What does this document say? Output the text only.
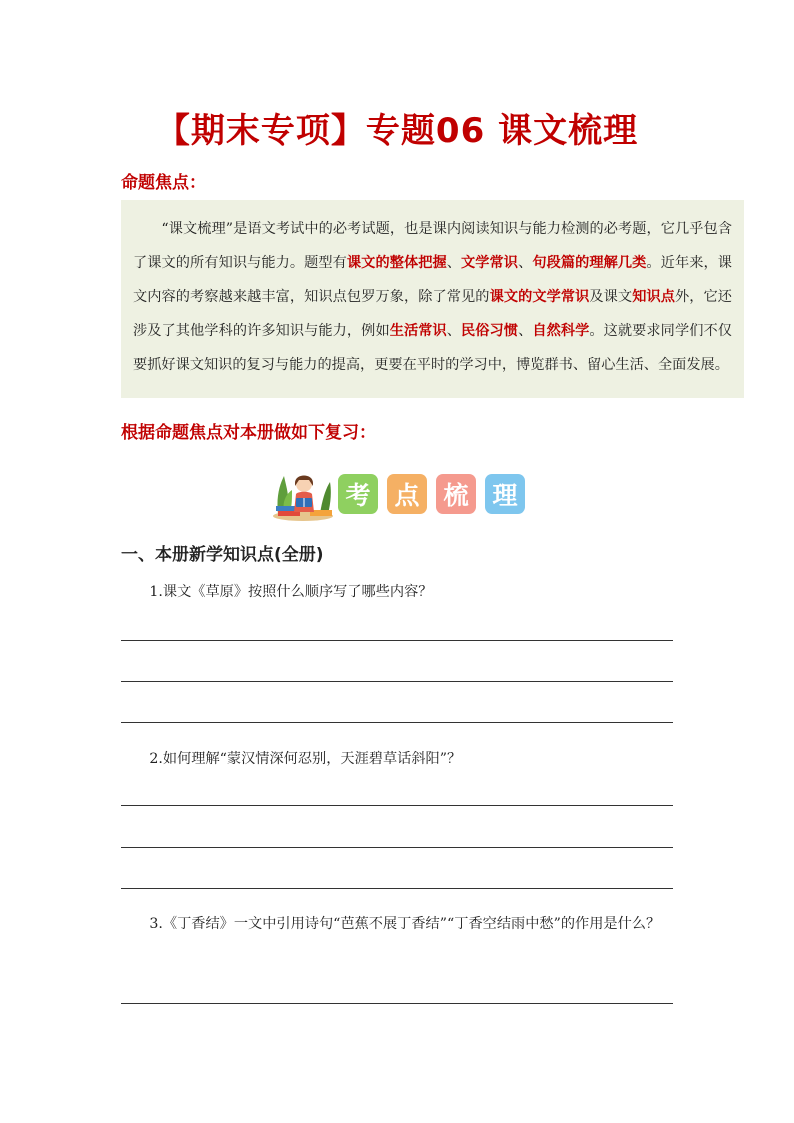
【期末专项】专题06 课文梳理
命题焦点：

“课文梳理”是语文考试中的必考试题，也是课内阅读知识与能力检测的必考题，它几乎包含了课文的所有知识与能力。题型有课文的整体把握、文学常识、句段篇的理解几类。近年来，课文内容的考察越来越丰富，知识点包罗万象，除了常见的课文的文学常识及课文知识点外，它还涉及了其他学科的许多知识与能力，例如生活常识、民俗习惯、自然科学。这就要求同学们不仅要抓好课文知识的复习与能力的提高，更要在平时的学习中，博览群书、留心生活、全面发展。

根据命题焦点对本册做如下复习：
考 点 梳 理
一、本册新学知识点(全册)

1.课文《草原》按照什么顺序写了哪些内容？

2.如何理解“蒙汉情深何忍别，天涯碧草话斜阳”？

3.《丁香结》一文中引用诗句“芭蕉不展丁香结”“丁香空结雨中愁”的作用是什么？
